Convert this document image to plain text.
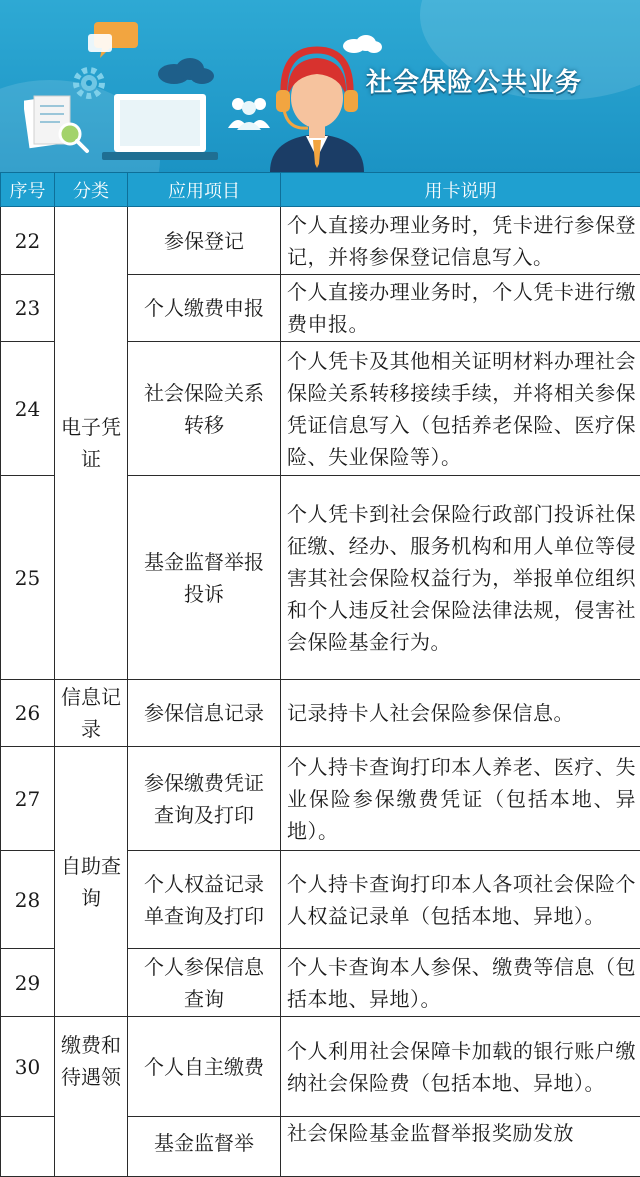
社会保险公共业务
序号	分类	应用项目	用卡说明
22	电子凭证	参保登记	个人直接办理业务时，凭卡进行参保登记，并将参保登记信息写入。
23		个人缴费申报	个人直接办理业务时，个人凭卡进行缴费申报。
24		社会保险关系转移	个人凭卡及其他相关证明材料办理社会保险关系转移接续手续，并将相关参保凭证信息写入（包括养老保险、医疗保险、失业保险等）。
25		基金监督举报投诉	个人凭卡到社会保险行政部门投诉社保征缴、经办、服务机构和用人单位等侵害其社会保险权益行为，举报单位组织和个人违反社会保险法律法规，侵害社会保险基金行为。
26	信息记录	参保信息记录	记录持卡人社会保险参保信息。
27	自助查询	参保缴费凭证查询及打印	个人持卡查询打印本人养老、医疗、失业保险参保缴费凭证（包括本地、异地）。
28		个人权益记录单查询及打印	个人持卡查询打印本人各项社会保险个人权益记录单（包括本地、异地）。
29		个人参保信息查询	个人卡查询本人参保、缴费等信息（包括本地、异地）。
30	缴费和待遇领	个人自主缴费	个人利用社会保障卡加载的银行账户缴纳社会保险费（包括本地、异地）。
		基金监督举	社会保险基金监督举报奖励发放
